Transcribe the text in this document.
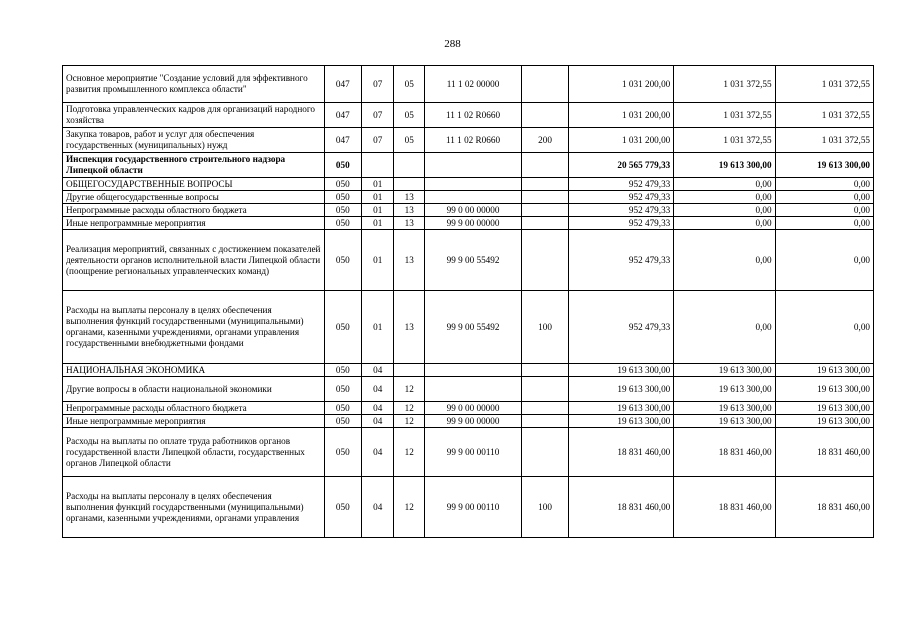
288
Основное мероприятие "Создание условий для эффективного развития промышленного комплекса области"	047	07	05	11 1 02 00000		1 031 200,00	1 031 372,55	1 031 372,55
Подготовка управленческих кадров для организаций народного хозяйства	047	07	05	11 1 02 R0660		1 031 200,00	1 031 372,55	1 031 372,55
Закупка товаров, работ и услуг для обеспечения государственных (муниципальных) нужд	047	07	05	11 1 02 R0660	200	1 031 200,00	1 031 372,55	1 031 372,55
Инспекция государственного строительного надзора Липецкой области	050					20 565 779,33	19 613 300,00	19 613 300,00
ОБЩЕГОСУДАРСТВЕННЫЕ ВОПРОСЫ	050	01				952 479,33	0,00	0,00
Другие общегосударственные вопросы	050	01	13			952 479,33	0,00	0,00
Непрограммные расходы областного бюджета	050	01	13	99 0 00 00000		952 479,33	0,00	0,00
Иные непрограммные мероприятия	050	01	13	99 9 00 00000		952 479,33	0,00	0,00
Реализация мероприятий, связанных с достижением показателей деятельности органов исполнительной власти Липецкой области (поощрение региональных управленческих команд)	050	01	13	99 9 00 55492		952 479,33	0,00	0,00
Расходы на выплаты персоналу в целях обеспечения выполнения функций государственными (муниципальными) органами, казенными учреждениями, органами управления государственными внебюджетными фондами	050	01	13	99 9 00 55492	100	952 479,33	0,00	0,00
НАЦИОНАЛЬНАЯ ЭКОНОМИКА	050	04				19 613 300,00	19 613 300,00	19 613 300,00
Другие вопросы в области национальной экономики	050	04	12			19 613 300,00	19 613 300,00	19 613 300,00
Непрограммные расходы областного бюджета	050	04	12	99 0 00 00000		19 613 300,00	19 613 300,00	19 613 300,00
Иные непрограммные мероприятия	050	04	12	99 9 00 00000		19 613 300,00	19 613 300,00	19 613 300,00
Расходы на выплаты по оплате труда работников органов государственной власти Липецкой области, государственных органов Липецкой области	050	04	12	99 9 00 00110		18 831 460,00	18 831 460,00	18 831 460,00
Расходы на выплаты персоналу в целях обеспечения выполнения функций государственными (муниципальными) органами, казенными учреждениями, органами управления	050	04	12	99 9 00 00110	100	18 831 460,00	18 831 460,00	18 831 460,00
